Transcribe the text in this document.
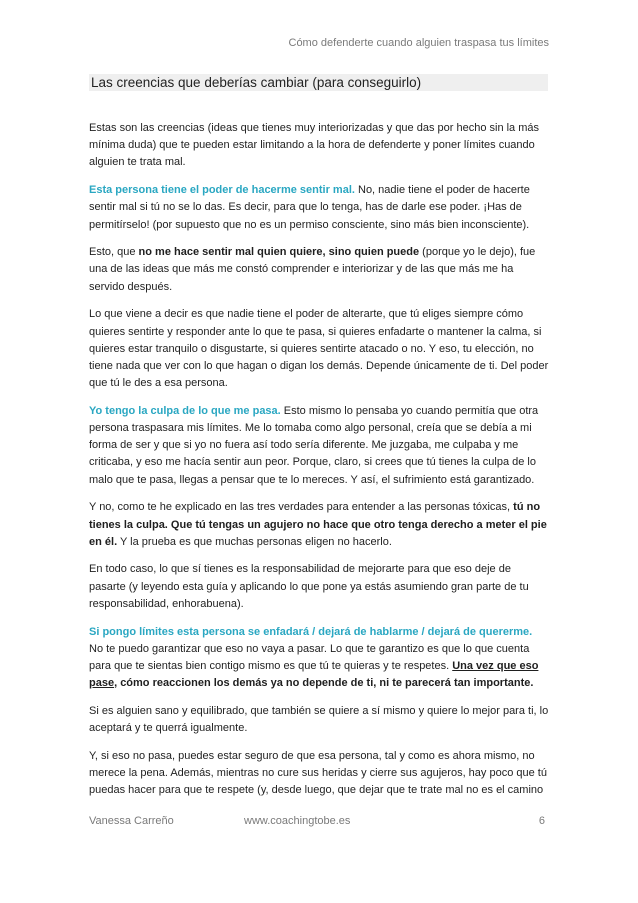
Cómo defenderte cuando alguien traspasa tus límites
Las creencias que deberías cambiar (para conseguirlo)

Estas son las creencias (ideas que tienes muy interiorizadas y que das por hecho sin la más mínima duda) que te pueden estar limitando a la hora de defenderte y poner límites cuando alguien te trata mal.

Esta persona tiene el poder de hacerme sentir mal. No, nadie tiene el poder de hacerte sentir mal si tú no se lo das. Es decir, para que lo tenga, has de darle ese poder. ¡Has de permitírselo! (por supuesto que no es un permiso consciente, sino más bien inconsciente).

Esto, que no me hace sentir mal quien quiere, sino quien puede (porque yo le dejo), fue una de las ideas que más me constó comprender e interiorizar y de las que más me ha servido después.

Lo que viene a decir es que nadie tiene el poder de alterarte, que tú eliges siempre cómo quieres sentirte y responder ante lo que te pasa, si quieres enfadarte o mantener la calma, si quieres estar tranquilo o disgustarte, si quieres sentirte atacado o no. Y eso, tu elección, no tiene nada que ver con lo que hagan o digan los demás. Depende únicamente de ti. Del poder que tú le des a esa persona.

Yo tengo la culpa de lo que me pasa. Esto mismo lo pensaba yo cuando permitía que otra persona traspasara mis límites. Me lo tomaba como algo personal, creía que se debía a mi forma de ser y que si yo no fuera así todo sería diferente. Me juzgaba, me culpaba y me criticaba, y eso me hacía sentir aun peor. Porque, claro, si crees que tú tienes la culpa de lo malo que te pasa, llegas a pensar que te lo mereces. Y así, el sufrimiento está garantizado.

Y no, como te he explicado en las tres verdades para entender a las personas tóxicas, tú no tienes la culpa. Que tú tengas un agujero no hace que otro tenga derecho a meter el pie en él. Y la prueba es que muchas personas eligen no hacerlo.

En todo caso, lo que sí tienes es la responsabilidad de mejorarte para que eso deje de pasarte (y leyendo esta guía y aplicando lo que pone ya estás asumiendo gran parte de tu responsabilidad, enhorabuena).

Si pongo límites esta persona se enfadará / dejará de hablarme / dejará de quererme. No te puedo garantizar que eso no vaya a pasar. Lo que te garantizo es que lo que cuenta para que te sientas bien contigo mismo es que tú te quieras y te respetes. Una vez que eso pase, cómo reaccionen los demás ya no depende de ti, ni te parecerá tan importante.

Si es alguien sano y equilibrado, que también se quiere a sí mismo y quiere lo mejor para ti, lo aceptará y te querrá igualmente.

Y, si eso no pasa, puedes estar seguro de que esa persona, tal y como es ahora mismo, no merece la pena. Además, mientras no cure sus heridas y cierre sus agujeros, hay poco que tú puedas hacer para que te respete (y, desde luego, que dejar que te trate mal no es el camino

Vanessa Carreño	www.coachingtobe.es	6
